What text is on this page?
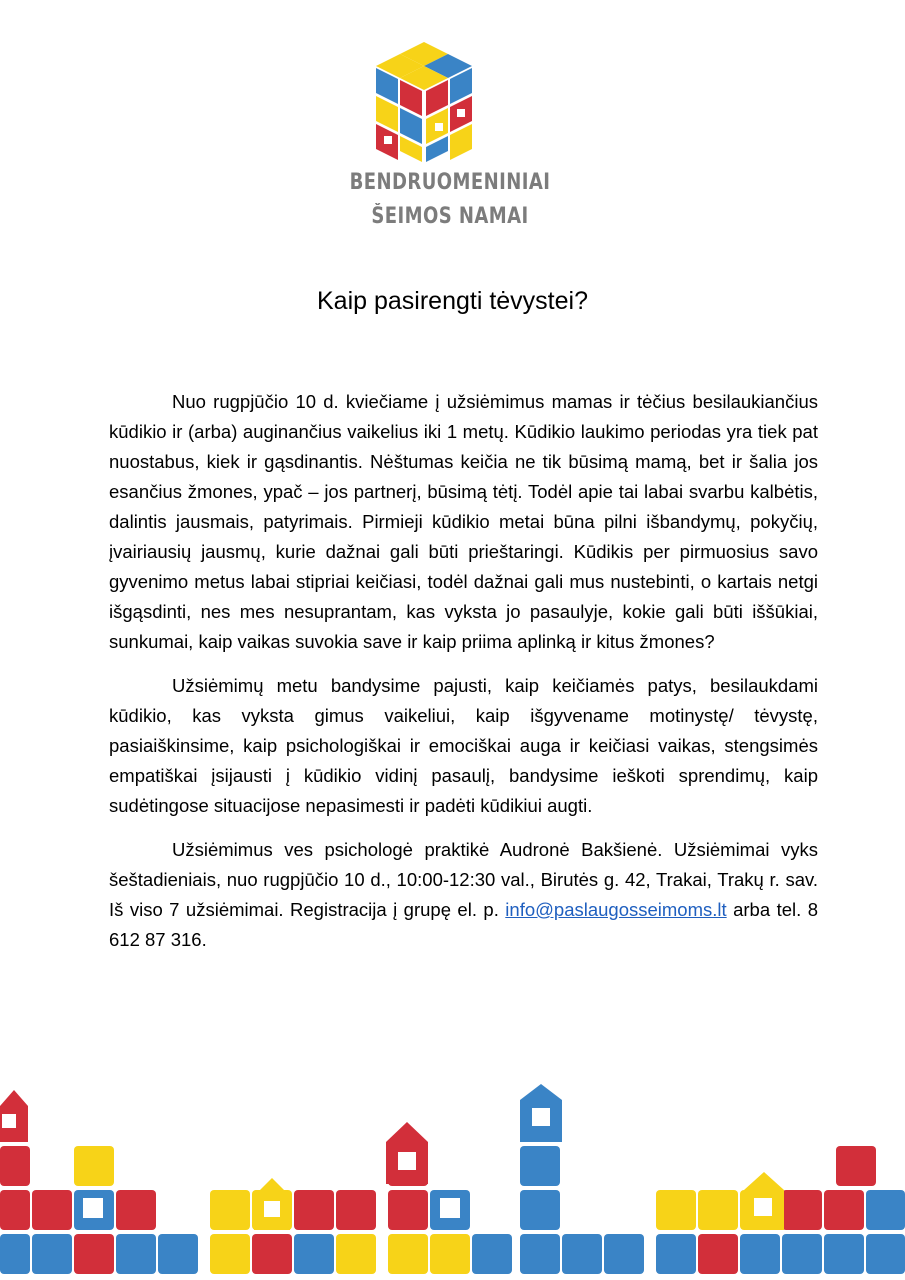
BENDRUOMENINIAI
ŠEIMOS NAMAI
Kaip pasirengti tėvystei?

Nuo rugpjūčio 10 d. kviečiame į užsiėmimus mamas ir tėčius besilaukiančius kūdikio ir (arba) auginančius vaikelius iki 1 metų. Kūdikio laukimo periodas yra tiek pat nuostabus, kiek ir gąsdinantis. Nėštumas keičia ne tik būsimą mamą, bet ir šalia jos esančius žmones, ypač – jos partnerį, būsimą tėtį. Todėl apie tai labai svarbu kalbėtis, dalintis jausmais, patyrimais. Pirmieji kūdikio metai būna pilni išbandymų, pokyčių, įvairiausių jausmų, kurie dažnai gali būti prieštaringi. Kūdikis per pirmuosius savo gyvenimo metus labai stipriai keičiasi, todėl dažnai gali mus nustebinti, o kartais netgi išgąsdinti, nes mes nesuprantam, kas vyksta jo pasaulyje, kokie gali būti iššūkiai, sunkumai, kaip vaikas suvokia save ir kaip priima aplinką ir kitus žmones?

Užsiėmimų metu bandysime pajusti, kaip keičiamės patys, besilaukdami kūdikio, kas vyksta gimus vaikeliui, kaip išgyvename motinystę/ tėvystę, pasiaiškinsime, kaip psichologiškai ir emociškai auga ir keičiasi vaikas, stengsimės empatiškai įsijausti į kūdikio vidinį pasaulį, bandysime ieškoti sprendimų, kaip sudėtingose situacijose nepasimesti ir padėti kūdikiui augti.

Užsiėmimus ves psichologė praktikė Audronė Bakšienė. Užsiėmimai vyks šeštadieniais, nuo rugpjūčio 10 d., 10:00-12:30 val., Birutės g. 42, Trakai, Trakų r. sav. Iš viso 7 užsiėmimai. Registracija į grupę el. p. info@paslaugosseimoms.lt arba tel. 8 612 87 316.
